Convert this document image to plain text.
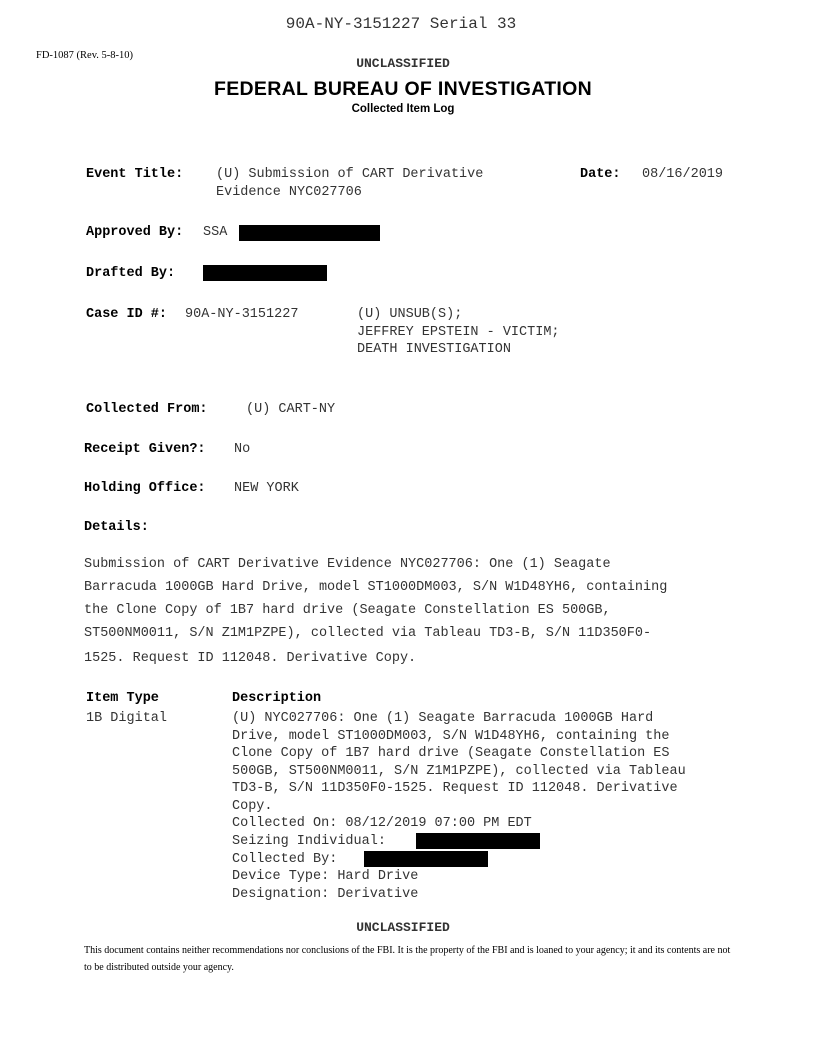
90A-NY-3151227 Serial 33
FD-1087 (Rev. 5-8-10)
UNCLASSIFIED
FEDERAL BUREAU OF INVESTIGATION
Collected Item Log
Event Title: (U) Submission of CART Derivative
Evidence NYC027706
Date: 08/16/2019
Approved By: SSA
Drafted By:
Case ID #: 90A-NY-3151227	(U) UNSUB(S);
JEFFREY EPSTEIN - VICTIM;
DEATH INVESTIGATION
Collected From:	(U) CART-NY
Receipt Given?: No
Holding Office: NEW YORK
Details:
Submission of CART Derivative Evidence NYC027706: One (1) Seagate
Barracuda 1000GB Hard Drive, model ST1000DM003, S/N W1D48YH6, containing
the Clone Copy of 1B7 hard drive (Seagate Constellation ES 500GB,
ST500NM0011, S/N Z1M1PZPE), collected via Tableau TD3-B, S/N 11D350F0-
1525. Request ID 112048. Derivative Copy.
Item Type	Description
1B Digital	(U) NYC027706: One (1) Seagate Barracuda 1000GB Hard
Drive, model ST1000DM003, S/N W1D48YH6, containing the
Clone Copy of 1B7 hard drive (Seagate Constellation ES
500GB, ST500NM0011, S/N Z1M1PZPE), collected via Tableau
TD3-B, S/N 11D350F0-1525. Request ID 112048. Derivative
Copy.
Collected On: 08/12/2019 07:00 PM EDT
Seizing Individual:
Collected By:
Device Type: Hard Drive
Designation: Derivative
UNCLASSIFIED
This document contains neither recommendations nor conclusions of the FBI. It is the property of the FBI and is loaned to your agency; it and its contents are not to be distributed outside your agency.
